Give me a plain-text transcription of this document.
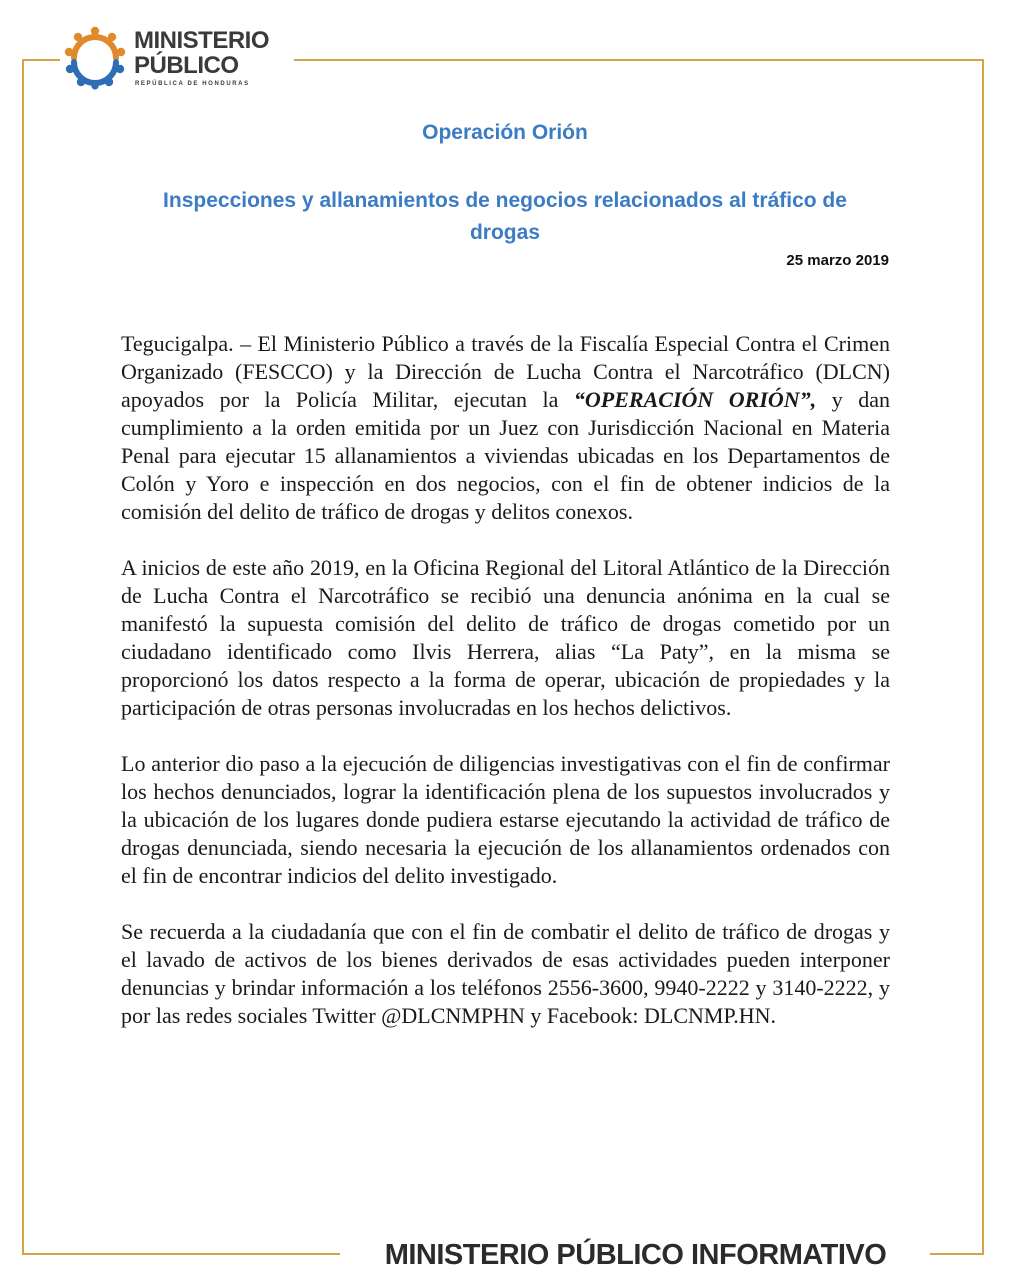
MINISTERIO
PÚBLICO
REPÚBLICA DE HONDURAS
Operación Orión
Inspecciones y allanamientos de negocios relacionados al tráfico de drogas
25 marzo 2019

Tegucigalpa. – El Ministerio Público a través de la Fiscalía Especial Contra el Crimen Organizado (FESCCO) y la Dirección de Lucha Contra el Narcotráfico (DLCN) apoyados por la Policía Militar, ejecutan la “OPERACIÓN ORIÓN”, y dan cumplimiento a la orden emitida por un Juez con Jurisdicción Nacional en Materia Penal para ejecutar 15 allanamientos a viviendas ubicadas en los Departamentos de Colón y Yoro e inspección en dos negocios, con el fin de obtener indicios de la comisión del delito de tráfico de drogas y delitos conexos.

A inicios de este año 2019, en la Oficina Regional del Litoral Atlántico de la Dirección de Lucha Contra el Narcotráfico se recibió una denuncia anónima en la cual se manifestó la supuesta comisión del delito de tráfico de drogas cometido por un ciudadano identificado como Ilvis Herrera, alias “La Paty”, en la misma se proporcionó los datos respecto a la forma de operar, ubicación de propiedades y la participación de otras personas involucradas en los hechos delictivos.

Lo anterior dio paso a la ejecución de diligencias investigativas con el fin de confirmar los hechos denunciados, lograr la identificación plena de los supuestos involucrados y la ubicación de los lugares donde pudiera estarse ejecutando la actividad de tráfico de drogas denunciada, siendo necesaria la ejecución de los allanamientos ordenados con el fin de encontrar indicios del delito investigado.

Se recuerda a la ciudadanía que con el fin de combatir el delito de tráfico de drogas y el lavado de activos de los bienes derivados de esas actividades pueden interponer denuncias y brindar información a los teléfonos 2556-3600, 9940-2222 y 3140-2222, y por las redes sociales Twitter @DLCNMPHN y Facebook: DLCNMP.HN.

MINISTERIO PÚBLICO INFORMATIVO
